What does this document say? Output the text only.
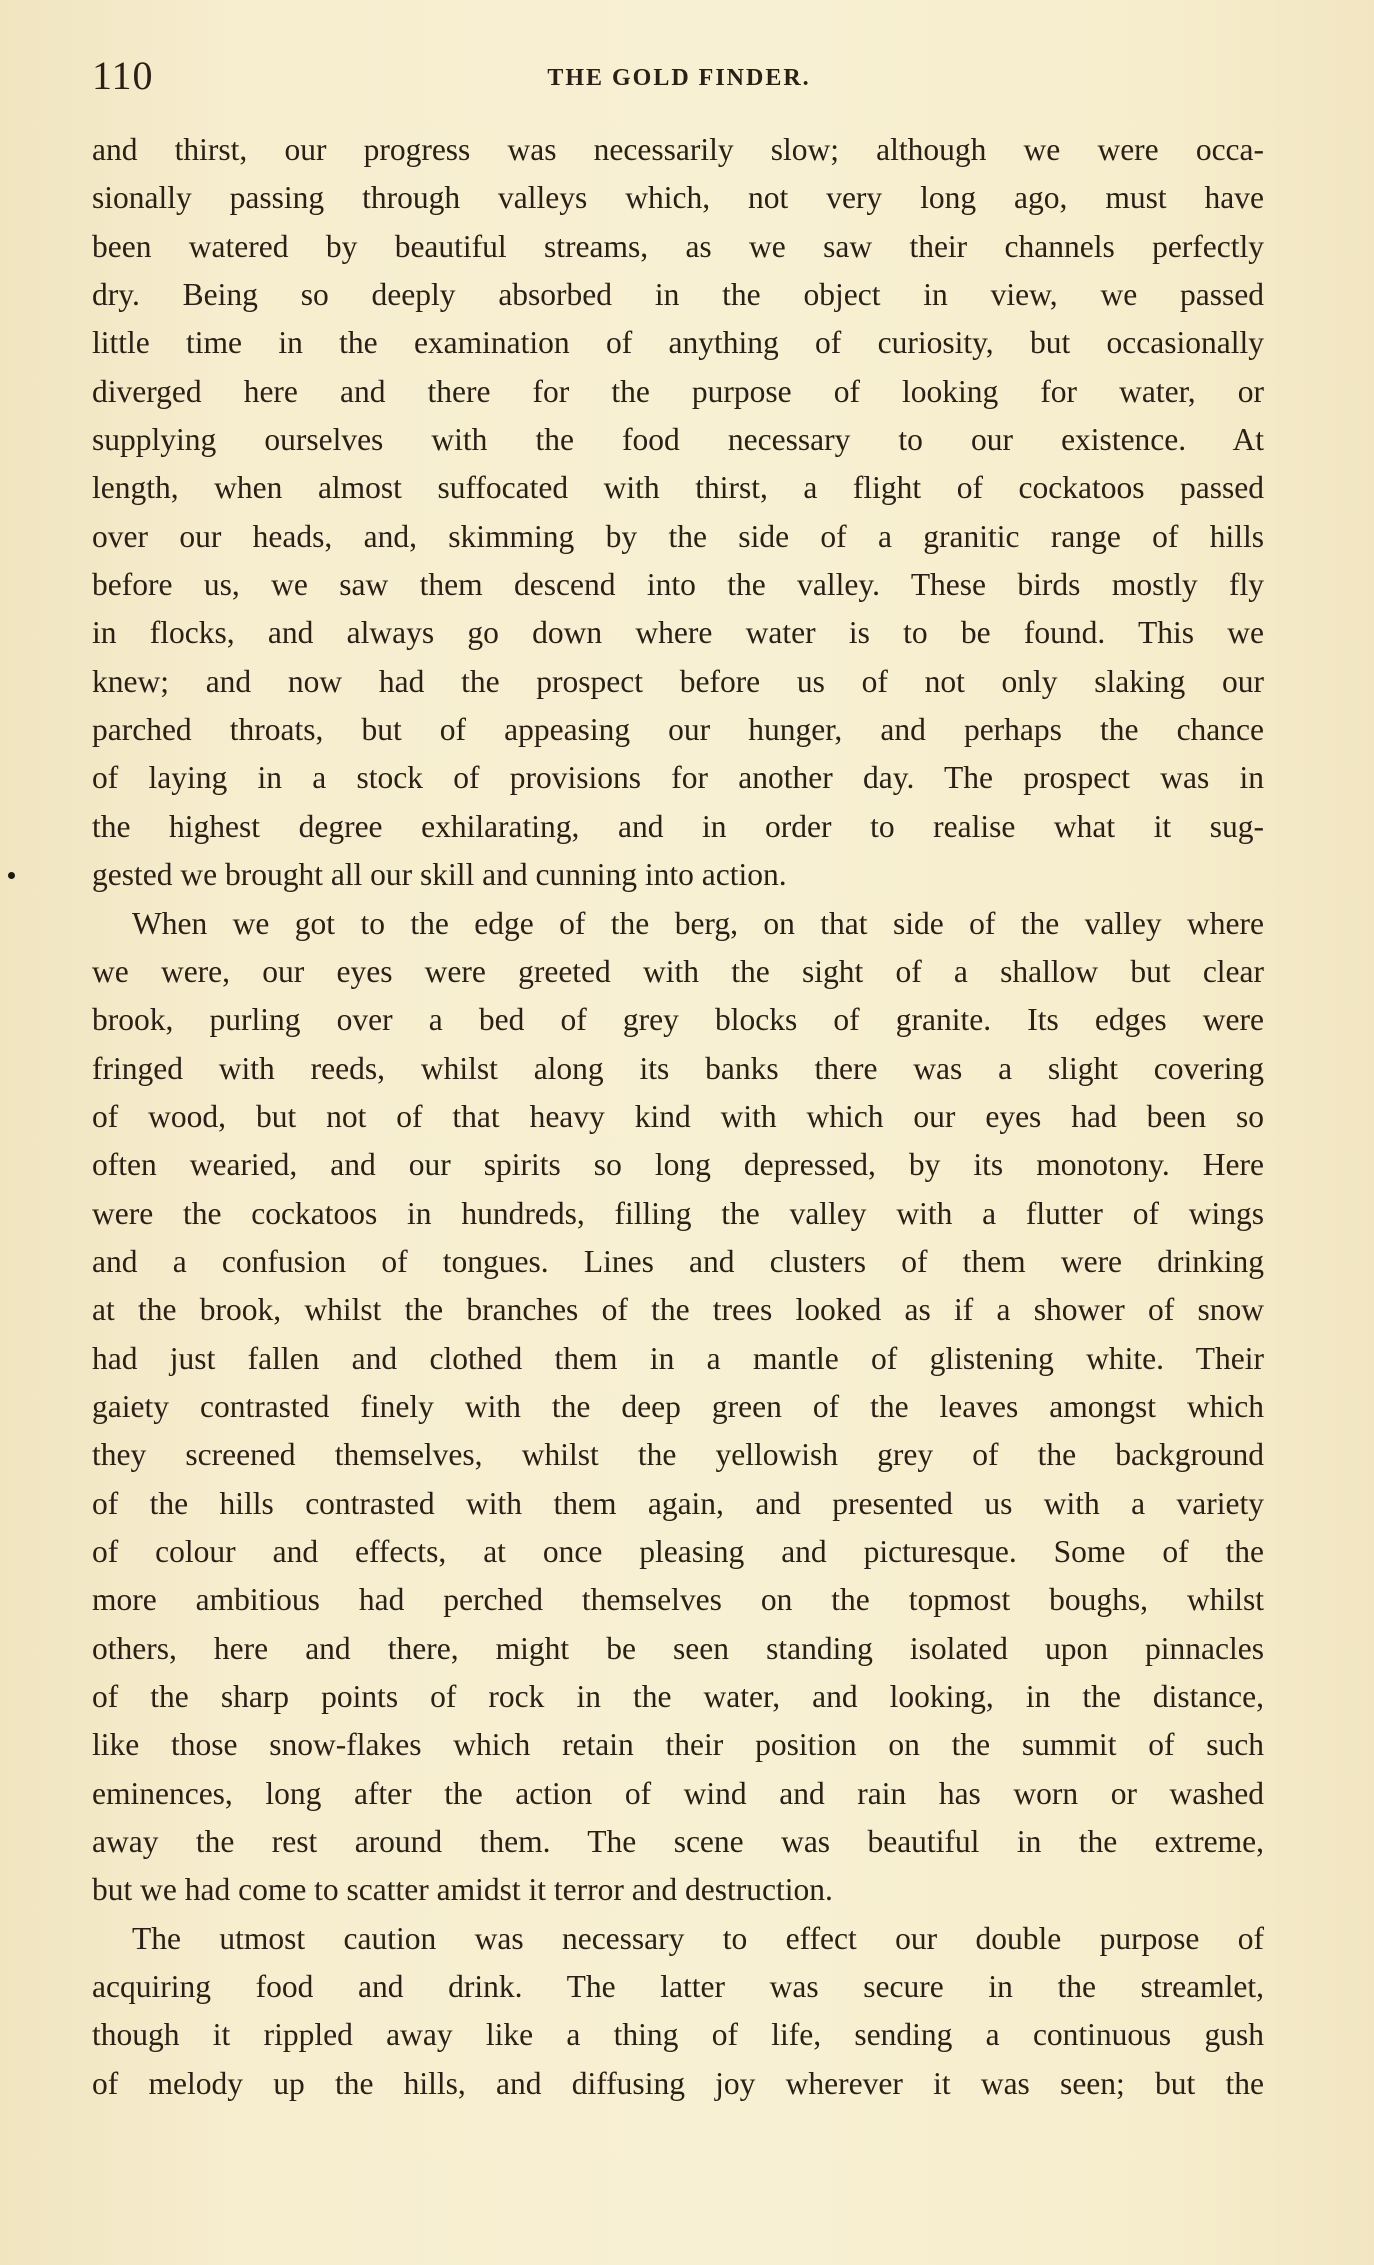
110	THE GOLD FINDER.
and thirst, our progress was necessarily slow; although we were occa-
sionally passing through valleys which, not very long ago, must have
been watered by beautiful streams, as we saw their channels perfectly
dry. Being so deeply absorbed in the object in view, we passed
little time in the examination of anything of curiosity, but occasionally
diverged here and there for the purpose of looking for water, or
supplying ourselves with the food necessary to our existence. At
length, when almost suffocated with thirst, a flight of cockatoos passed
over our heads, and, skimming by the side of a granitic range of hills
before us, we saw them descend into the valley. These birds mostly fly
in flocks, and always go down where water is to be found. This we
knew; and now had the prospect before us of not only slaking our
parched throats, but of appeasing our hunger, and perhaps the chance
of laying in a stock of provisions for another day. The prospect was in
the highest degree exhilarating, and in order to realise what it sug-
gested we brought all our skill and cunning into action.
When we got to the edge of the berg, on that side of the valley where
we were, our eyes were greeted with the sight of a shallow but clear
brook, purling over a bed of grey blocks of granite. Its edges were
fringed with reeds, whilst along its banks there was a slight covering
of wood, but not of that heavy kind with which our eyes had been so
often wearied, and our spirits so long depressed, by its monotony. Here
were the cockatoos in hundreds, filling the valley with a flutter of wings
and a confusion of tongues. Lines and clusters of them were drinking
at the brook, whilst the branches of the trees looked as if a shower of snow
had just fallen and clothed them in a mantle of glistening white. Their
gaiety contrasted finely with the deep green of the leaves amongst which
they screened themselves, whilst the yellowish grey of the background
of the hills contrasted with them again, and presented us with a variety
of colour and effects, at once pleasing and picturesque. Some of the
more ambitious had perched themselves on the topmost boughs, whilst
others, here and there, might be seen standing isolated upon pinnacles
of the sharp points of rock in the water, and looking, in the distance,
like those snow-flakes which retain their position on the summit of such
eminences, long after the action of wind and rain has worn or washed
away the rest around them. The scene was beautiful in the extreme,
but we had come to scatter amidst it terror and destruction.
The utmost caution was necessary to effect our double purpose of
acquiring food and drink. The latter was secure in the streamlet,
though it rippled away like a thing of life, sending a continuous gush
of melody up the hills, and diffusing joy wherever it was seen; but the
